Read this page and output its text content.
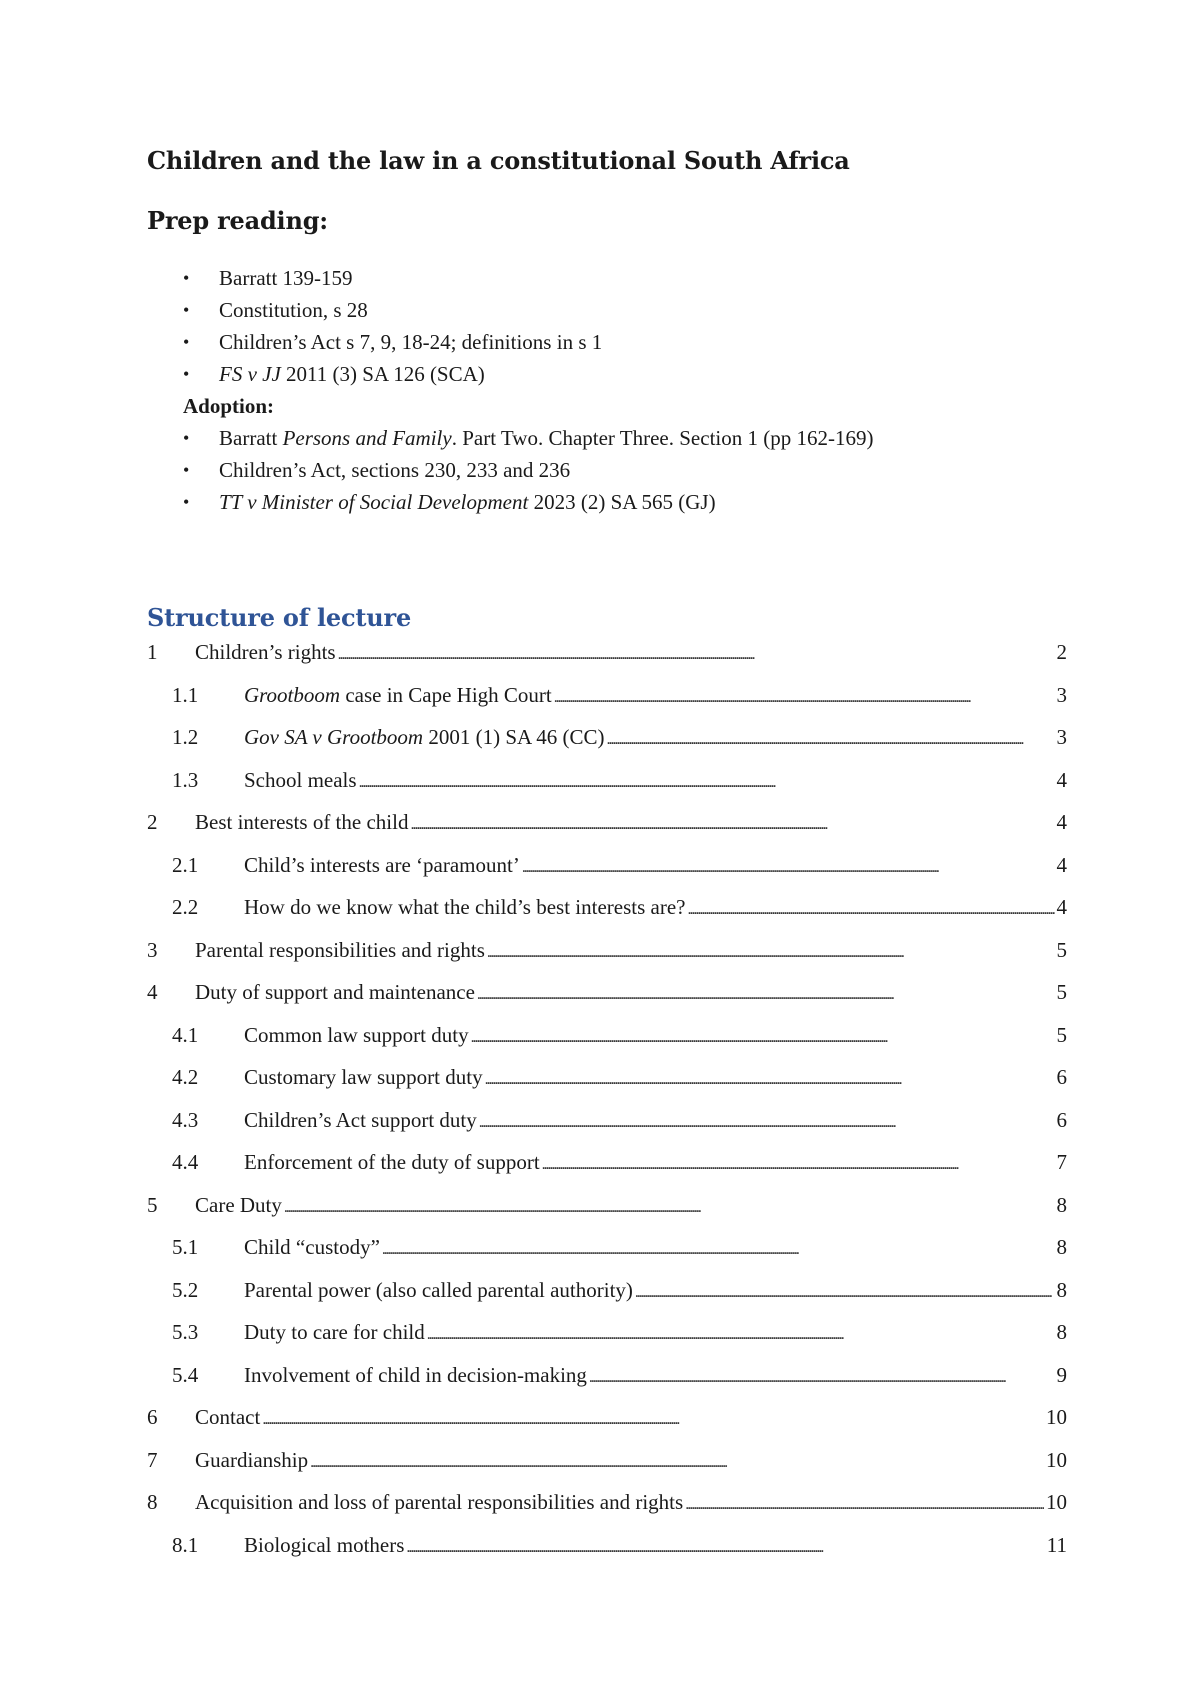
Children and the law in a constitutional South Africa
Prep reading:
• Barratt 139-159
• Constitution, s 28
• Children’s Act s 7, 9, 18-24; definitions in s 1
• FS v JJ 2011 (3) SA 126 (SCA)
Adoption:
• Barratt Persons and Family. Part Two. Chapter Three. Section 1 (pp 162-169)
• Children’s Act, sections 230, 233 and 236
• TT v Minister of Social Development 2023 (2) SA 565 (GJ)
Structure of lecture
1 Children’s rights . . .	2
1.1 Grootboom case in Cape High Court . . .	3
1.2 Gov SA v Grootboom 2001 (1) SA 46 (CC) . . .	3
1.3 School meals . . .	4
2 Best interests of the child . . .	4
2.1 Child’s interests are ‘paramount’ . . .	4
2.2 How do we know what the child’s best interests are? . . .	4
3 Parental responsibilities and rights . . .	5
4 Duty of support and maintenance . . .	5
4.1 Common law support duty . . .	5
4.2 Customary law support duty . . .	6
4.3 Children’s Act support duty . . .	6
4.4 Enforcement of the duty of support . . .	7
5 Care Duty . . .	8
5.1 Child “custody” . . .	8
5.2 Parental power (also called parental authority) . . .	8
5.3 Duty to care for child . . .	8
5.4 Involvement of child in decision-making . . .	9
6 Contact . . .	10
7 Guardianship . . .	10
8 Acquisition and loss of parental responsibilities and rights . . .	10
8.1 Biological mothers . . .	11
